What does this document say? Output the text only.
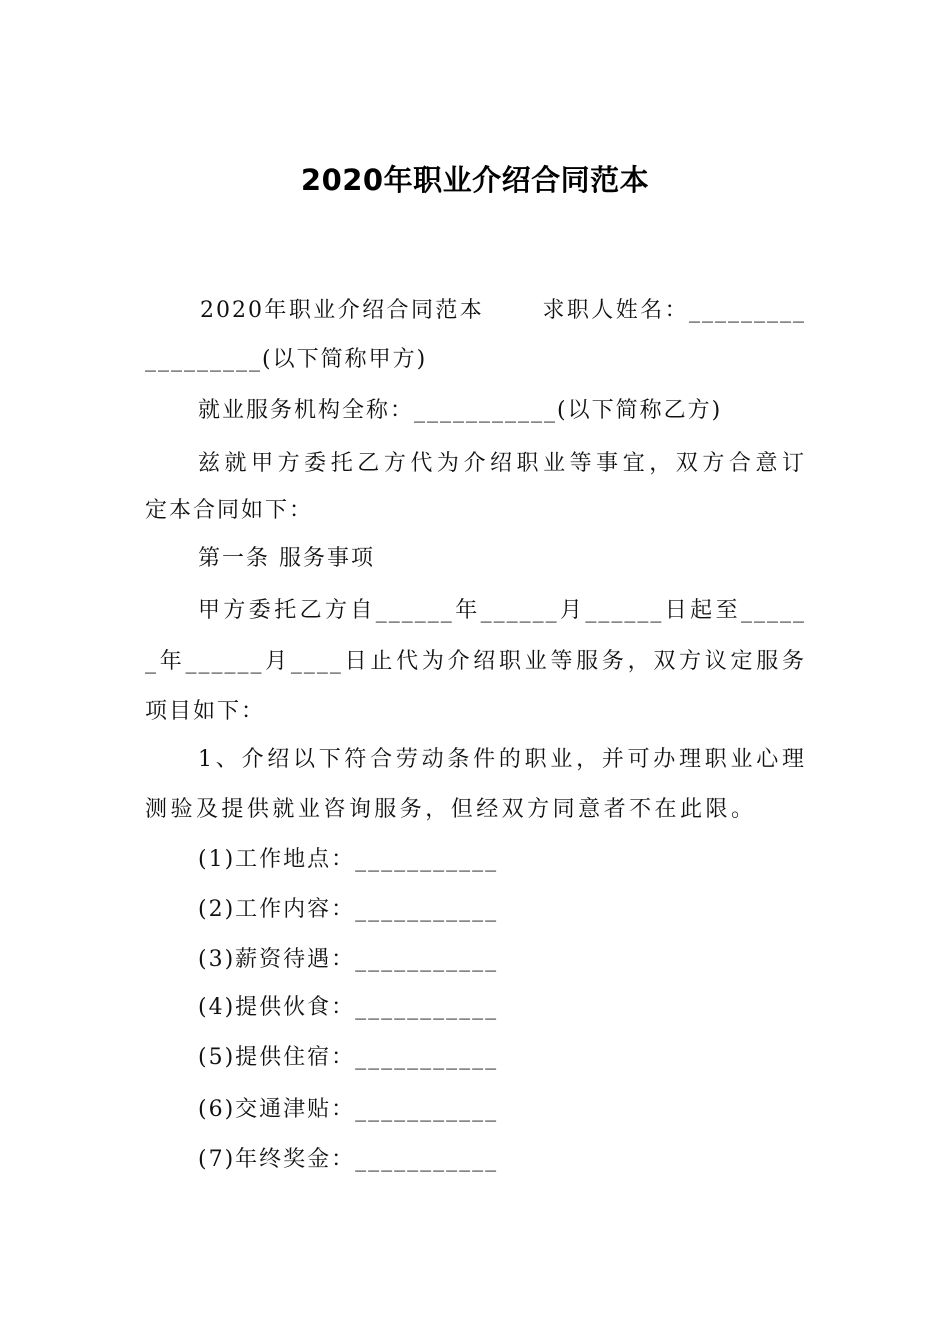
2020年职业介绍合同范本

2020年职业介绍合同范本　　 求职人姓名：_________

_________(以下简称甲方)

就业服务机构全称：___________(以下简称乙方)

兹就甲方委托乙方代为介绍职业等事宜，双方合意订

定本合同如下：

第一条 服务事项

甲方委托乙方自______年______月______日起至_____

_年______月____日止代为介绍职业等服务，双方议定服务

项目如下：

1、介绍以下符合劳动条件的职业，并可办理职业心理

测验及提供就业咨询服务，但经双方同意者不在此限。

(1)工作地点：___________

(2)工作内容：___________

(3)薪资待遇：___________

(4)提供伙食：___________

(5)提供住宿：___________

(6)交通津贴：___________

(7)年终奖金：___________
